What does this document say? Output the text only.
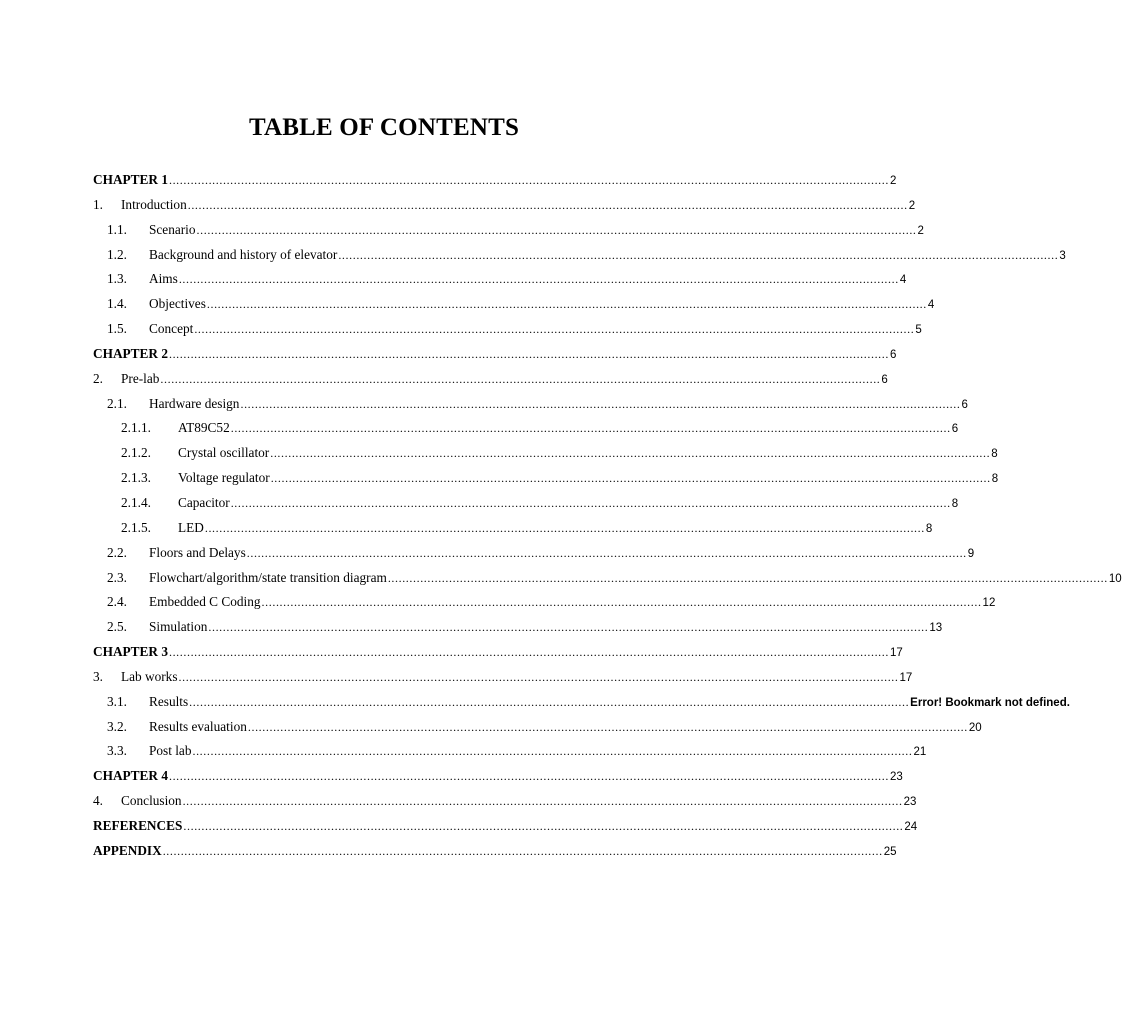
TABLE OF CONTENTS
CHAPTER 1 ........................................................................................................................................................................................................ 2
1. Introduction ........................................................................................................................................................................................................ 2
1.1. Scenario ........................................................................................................................................................................................................ 2
1.2. Background and history of elevator ........................................................................................................................................................................................................ 3
1.3. Aims ........................................................................................................................................................................................................ 4
1.4. Objectives ........................................................................................................................................................................................................ 4
1.5. Concept ........................................................................................................................................................................................................ 5
CHAPTER 2 ........................................................................................................................................................................................................ 6
2. Pre-lab ........................................................................................................................................................................................................ 6
2.1. Hardware design ........................................................................................................................................................................................................ 6
2.1.1. AT89C52 ........................................................................................................................................................................................................ 6
2.1.2. Crystal oscillator ........................................................................................................................................................................................................ 8
2.1.3. Voltage regulator ........................................................................................................................................................................................................ 8
2.1.4. Capacitor ........................................................................................................................................................................................................ 8
2.1.5. LED ........................................................................................................................................................................................................ 8
2.2. Floors and Delays ........................................................................................................................................................................................................ 9
2.3. Flowchart/algorithm/state transition diagram ........................................................................................................................................................................................................ 10
2.4. Embedded C Coding ........................................................................................................................................................................................................ 12
2.5. Simulation ........................................................................................................................................................................................................ 13
CHAPTER 3 ........................................................................................................................................................................................................ 17
3. Lab works ........................................................................................................................................................................................................ 17
3.1. Results ........................................................................................................................................................................................................ Error! Bookmark not defined.
3.2. Results evaluation ........................................................................................................................................................................................................ 20
3.3. Post lab ........................................................................................................................................................................................................ 21
CHAPTER 4 ........................................................................................................................................................................................................ 23
4. Conclusion ........................................................................................................................................................................................................ 23
REFERENCES ........................................................................................................................................................................................................ 24
APPENDIX ........................................................................................................................................................................................................ 25
